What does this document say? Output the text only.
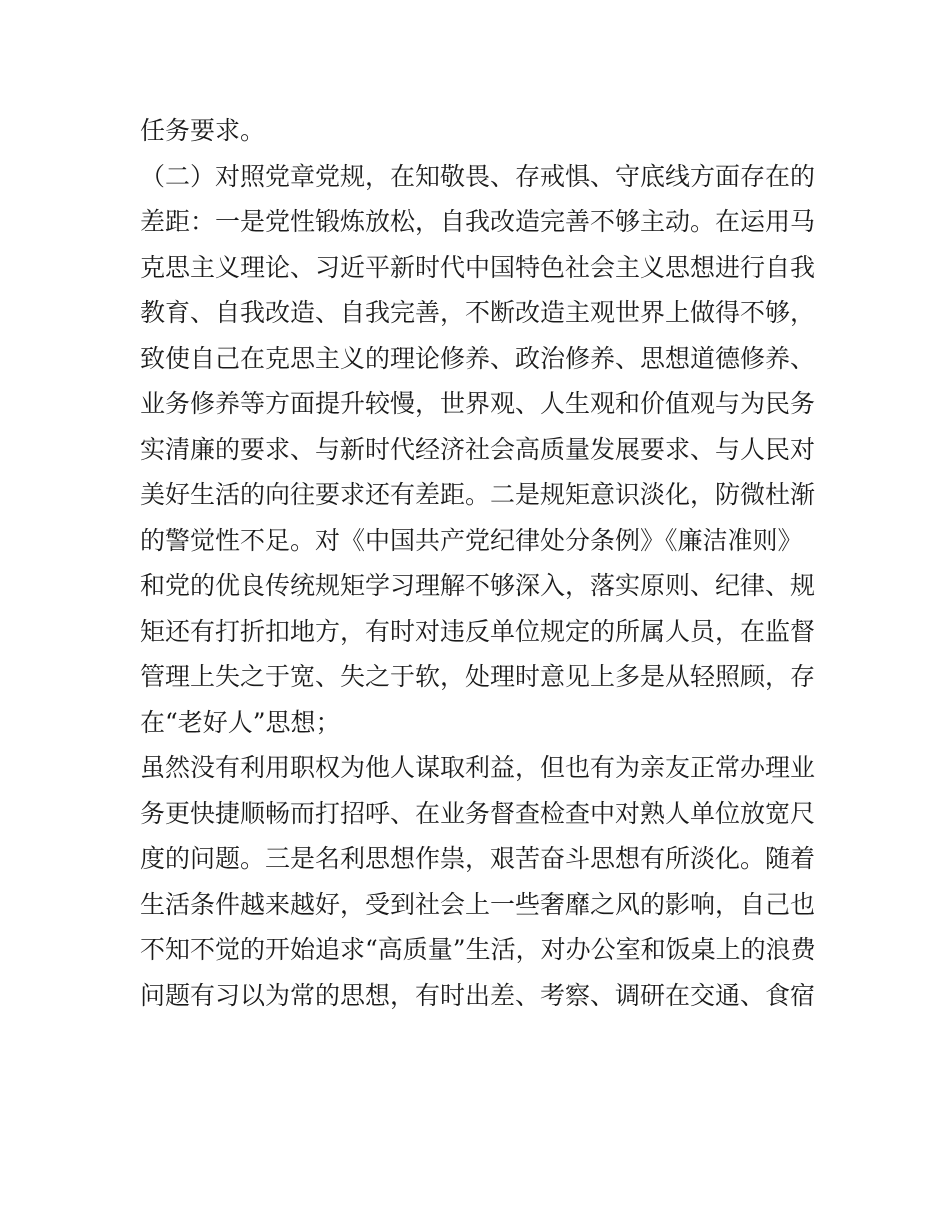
任务要求。
（二）对照党章党规，在知敬畏、存戒惧、守底线方面存在的
差距：一是党性锻炼放松，自我改造完善不够主动。在运用马
克思主义理论、习近平新时代中国特色社会主义思想进行自我
教育、自我改造、自我完善，不断改造主观世界上做得不够，
致使自己在克思主义的理论修养、政治修养、思想道德修养、
业务修养等方面提升较慢，世界观、人生观和价值观与为民务
实清廉的要求、与新时代经济社会高质量发展要求、与人民对
美好生活的向往要求还有差距。二是规矩意识淡化，防微杜渐
的警觉性不足。对《中国共产党纪律处分条例》《廉洁准则》
和党的优良传统规矩学习理解不够深入，落实原则、纪律、规
矩还有打折扣地方，有时对违反单位规定的所属人员，在监督
管理上失之于宽、失之于软，处理时意见上多是从轻照顾，存
在“老好人”思想；
虽然没有利用职权为他人谋取利益，但也有为亲友正常办理业
务更快捷顺畅而打招呼、在业务督查检查中对熟人单位放宽尺
度的问题。三是名利思想作祟，艰苦奋斗思想有所淡化。随着
生活条件越来越好，受到社会上一些奢靡之风的影响，自己也
不知不觉的开始追求“高质量”生活，对办公室和饭桌上的浪费
问题有习以为常的思想，有时出差、考察、调研在交通、食宿
